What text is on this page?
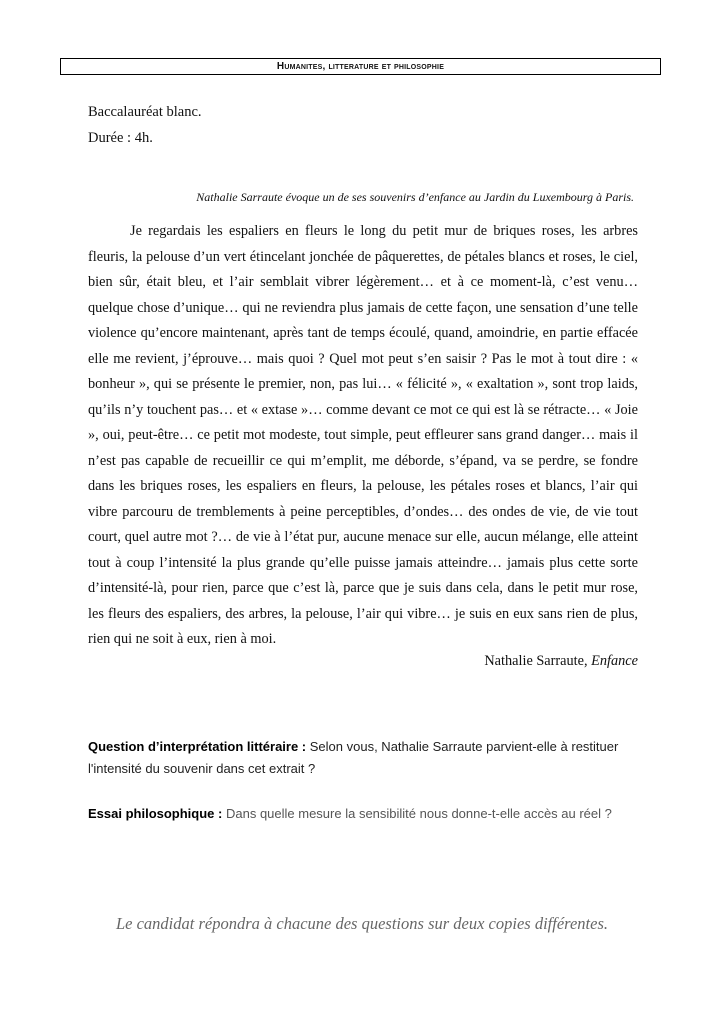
Humanites, litterature et philosophie
Baccalauréat blanc.
Durée : 4h.
Nathalie Sarraute évoque un de ses souvenirs d’enfance au Jardin du Luxembourg à Paris.

Je regardais les espaliers en fleurs le long du petit mur de briques roses, les arbres fleuris, la pelouse d’un vert étincelant jonchée de pâquerettes, de pétales blancs et roses, le ciel, bien sûr, était bleu, et l’air semblait vibrer légèrement… et à ce moment-là, c’est venu… quelque chose d’unique… qui ne reviendra plus jamais de cette façon, une sensation d’une telle violence qu’encore maintenant, après tant de temps écoulé, quand, amoindrie, en partie effacée elle me revient, j’éprouve… mais quoi ? Quel mot peut s’en saisir ? Pas le mot à tout dire : « bonheur », qui se présente le premier, non, pas lui… « félicité », « exaltation », sont trop laids, qu’ils n’y touchent pas… et « extase »… comme devant ce mot ce qui est là se rétracte… « Joie », oui, peut-être… ce petit mot modeste, tout simple, peut effleurer sans grand danger… mais il n’est pas capable de recueillir ce qui m’emplit, me déborde, s’épand, va se perdre, se fondre dans les briques roses, les espaliers en fleurs, la pelouse, les pétales roses et blancs, l’air qui vibre parcouru de tremblements à peine perceptibles, d’ondes… des ondes de vie, de vie tout court, quel autre mot ?… de vie à l’état pur, aucune menace sur elle, aucun mélange, elle atteint tout à coup l’intensité la plus grande qu’elle puisse jamais atteindre… jamais plus cette sorte d’intensité-là, pour rien, parce que c’est là, parce que je suis dans cela, dans le petit mur rose, les fleurs des espaliers, des arbres, la pelouse, l’air qui vibre… je suis en eux sans rien de plus, rien qui ne soit à eux, rien à moi.

Nathalie Sarraute, Enfance
Question d’interprétation littéraire : Selon vous, Nathalie Sarraute parvient-elle à restituer l'intensité du souvenir dans cet extrait ?
Essai philosophique : Dans quelle mesure la sensibilité nous donne-t-elle accès au réel ?
Le candidat répondra à chacune des questions sur deux copies différentes.
